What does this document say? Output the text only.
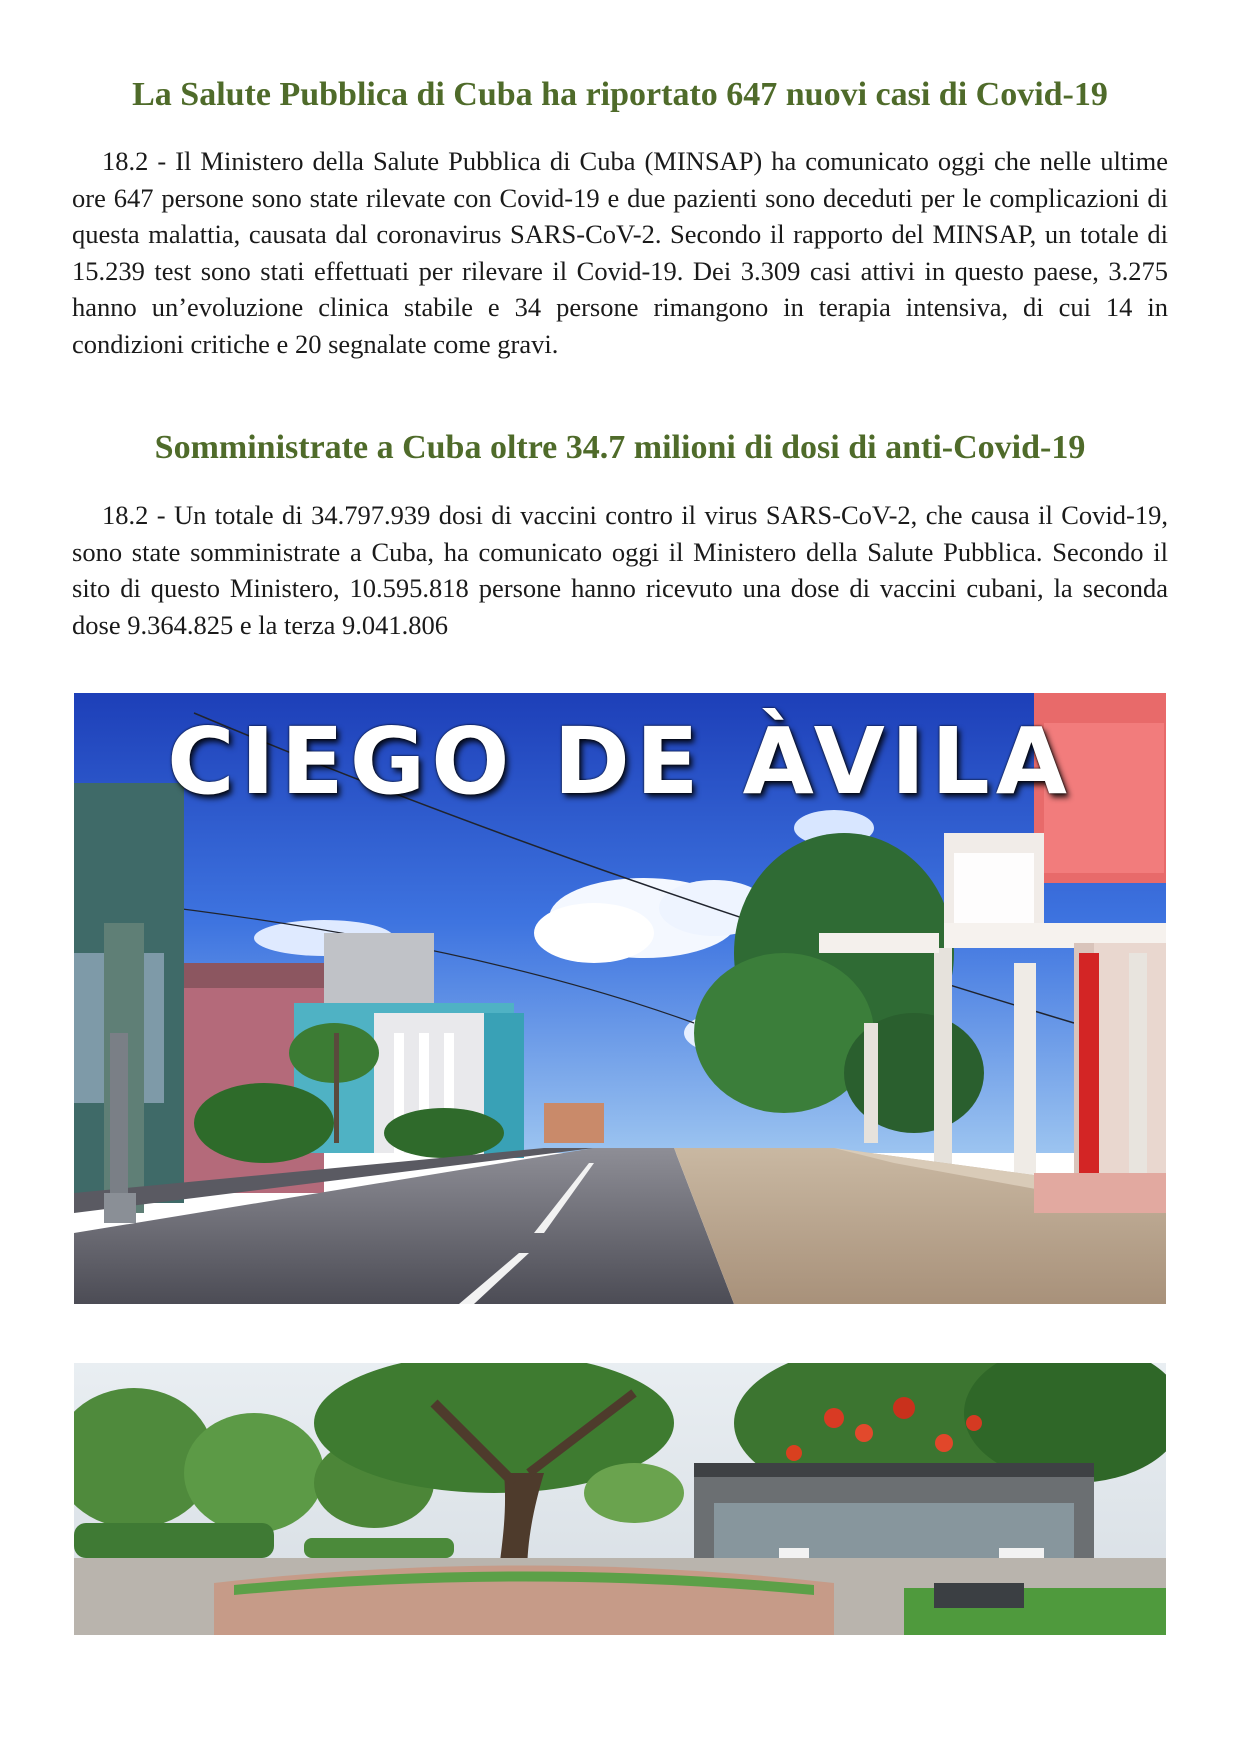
La Salute Pubblica di Cuba ha riportato 647 nuovi casi di Covid-19

18.2 - Il Ministero della Salute Pubblica di Cuba (MINSAP) ha comunicato oggi che nelle ultime ore 647 persone sono state rilevate con Covid-19 e due pazienti sono deceduti per le complicazioni di questa malattia, causata dal coronavirus SARS-CoV-2. Secondo il rapporto del MINSAP, un totale di 15.239 test sono stati effettuati per rilevare il Covid-19. Dei 3.309 casi attivi in questo paese, 3.275 hanno un’evoluzione clinica stabile e 34 persone rimangono in terapia intensiva, di cui 14 in condizioni critiche e 20 segnalate come gravi.

Somministrate a Cuba oltre 34.7 milioni di dosi di anti-Covid-19

18.2 - Un totale di 34.797.939 dosi di vaccini contro il virus SARS-CoV-2, che causa il Covid-19, sono state somministrate a Cuba, ha comunicato oggi il Ministero della Salute Pubblica. Secondo il sito di questo Ministero, 10.595.818 persone hanno ricevuto una dose di vaccini cubani, la seconda dose 9.364.825 e la terza 9.041.806

CIEGO DE ÀVILA
